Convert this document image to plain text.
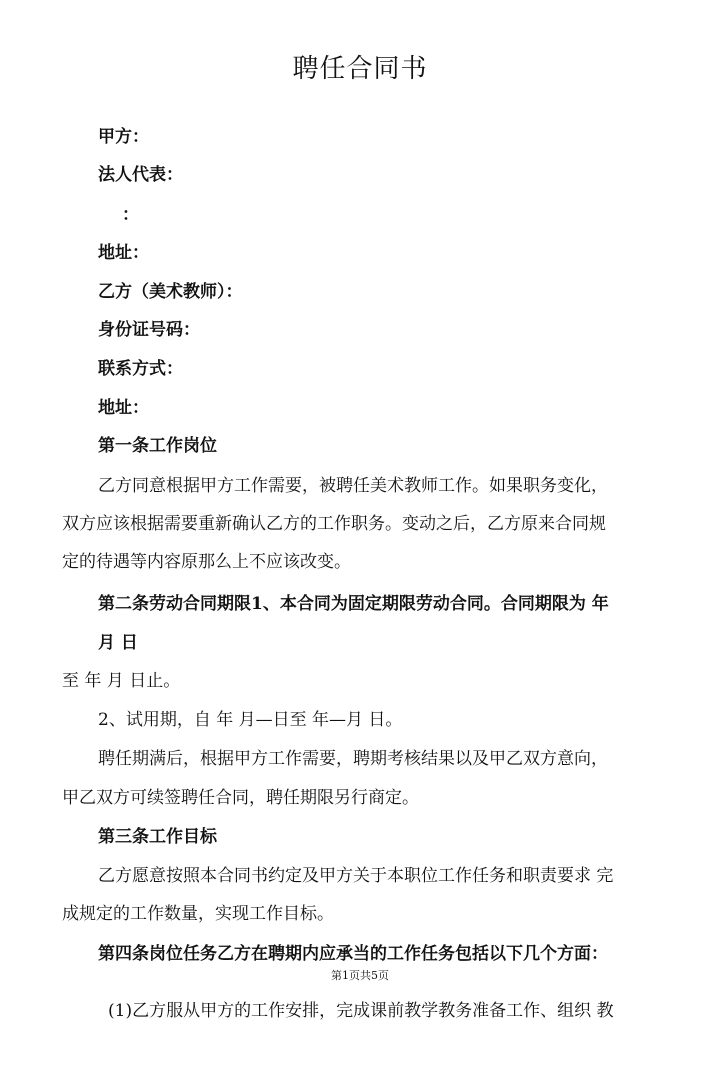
聘任合同书
甲方：
法人代表：
：
地址：
乙方（美术教师）：
身份证号码：
联系方式：
地址：
第一条工作岗位
乙方同意根据甲方工作需要，被聘任美术教师工作。如果职务变化，
双方应该根据需要重新确认乙方的工作职务。变动之后，乙方原来合同规
定的待遇等内容原那么上不应该改变。
第二条劳动合同期限1、本合同为固定期限劳动合同。合同期限为 年
月 日
至 年 月 日止。
2、试用期，自 年 月—日至 年—月 日。
聘任期满后，根据甲方工作需要，聘期考核结果以及甲乙双方意向，
甲乙双方可续签聘任合同，聘任期限另行商定。
第三条工作目标
乙方愿意按照本合同书约定及甲方关于本职位工作任务和职责要求 完
成规定的工作数量，实现工作目标。
第四条岗位任务乙方在聘期内应承当的工作任务包括以下几个方面：
第1页共5页
(1)乙方服从甲方的工作安排，完成课前教学教务准备工作、组织 教
